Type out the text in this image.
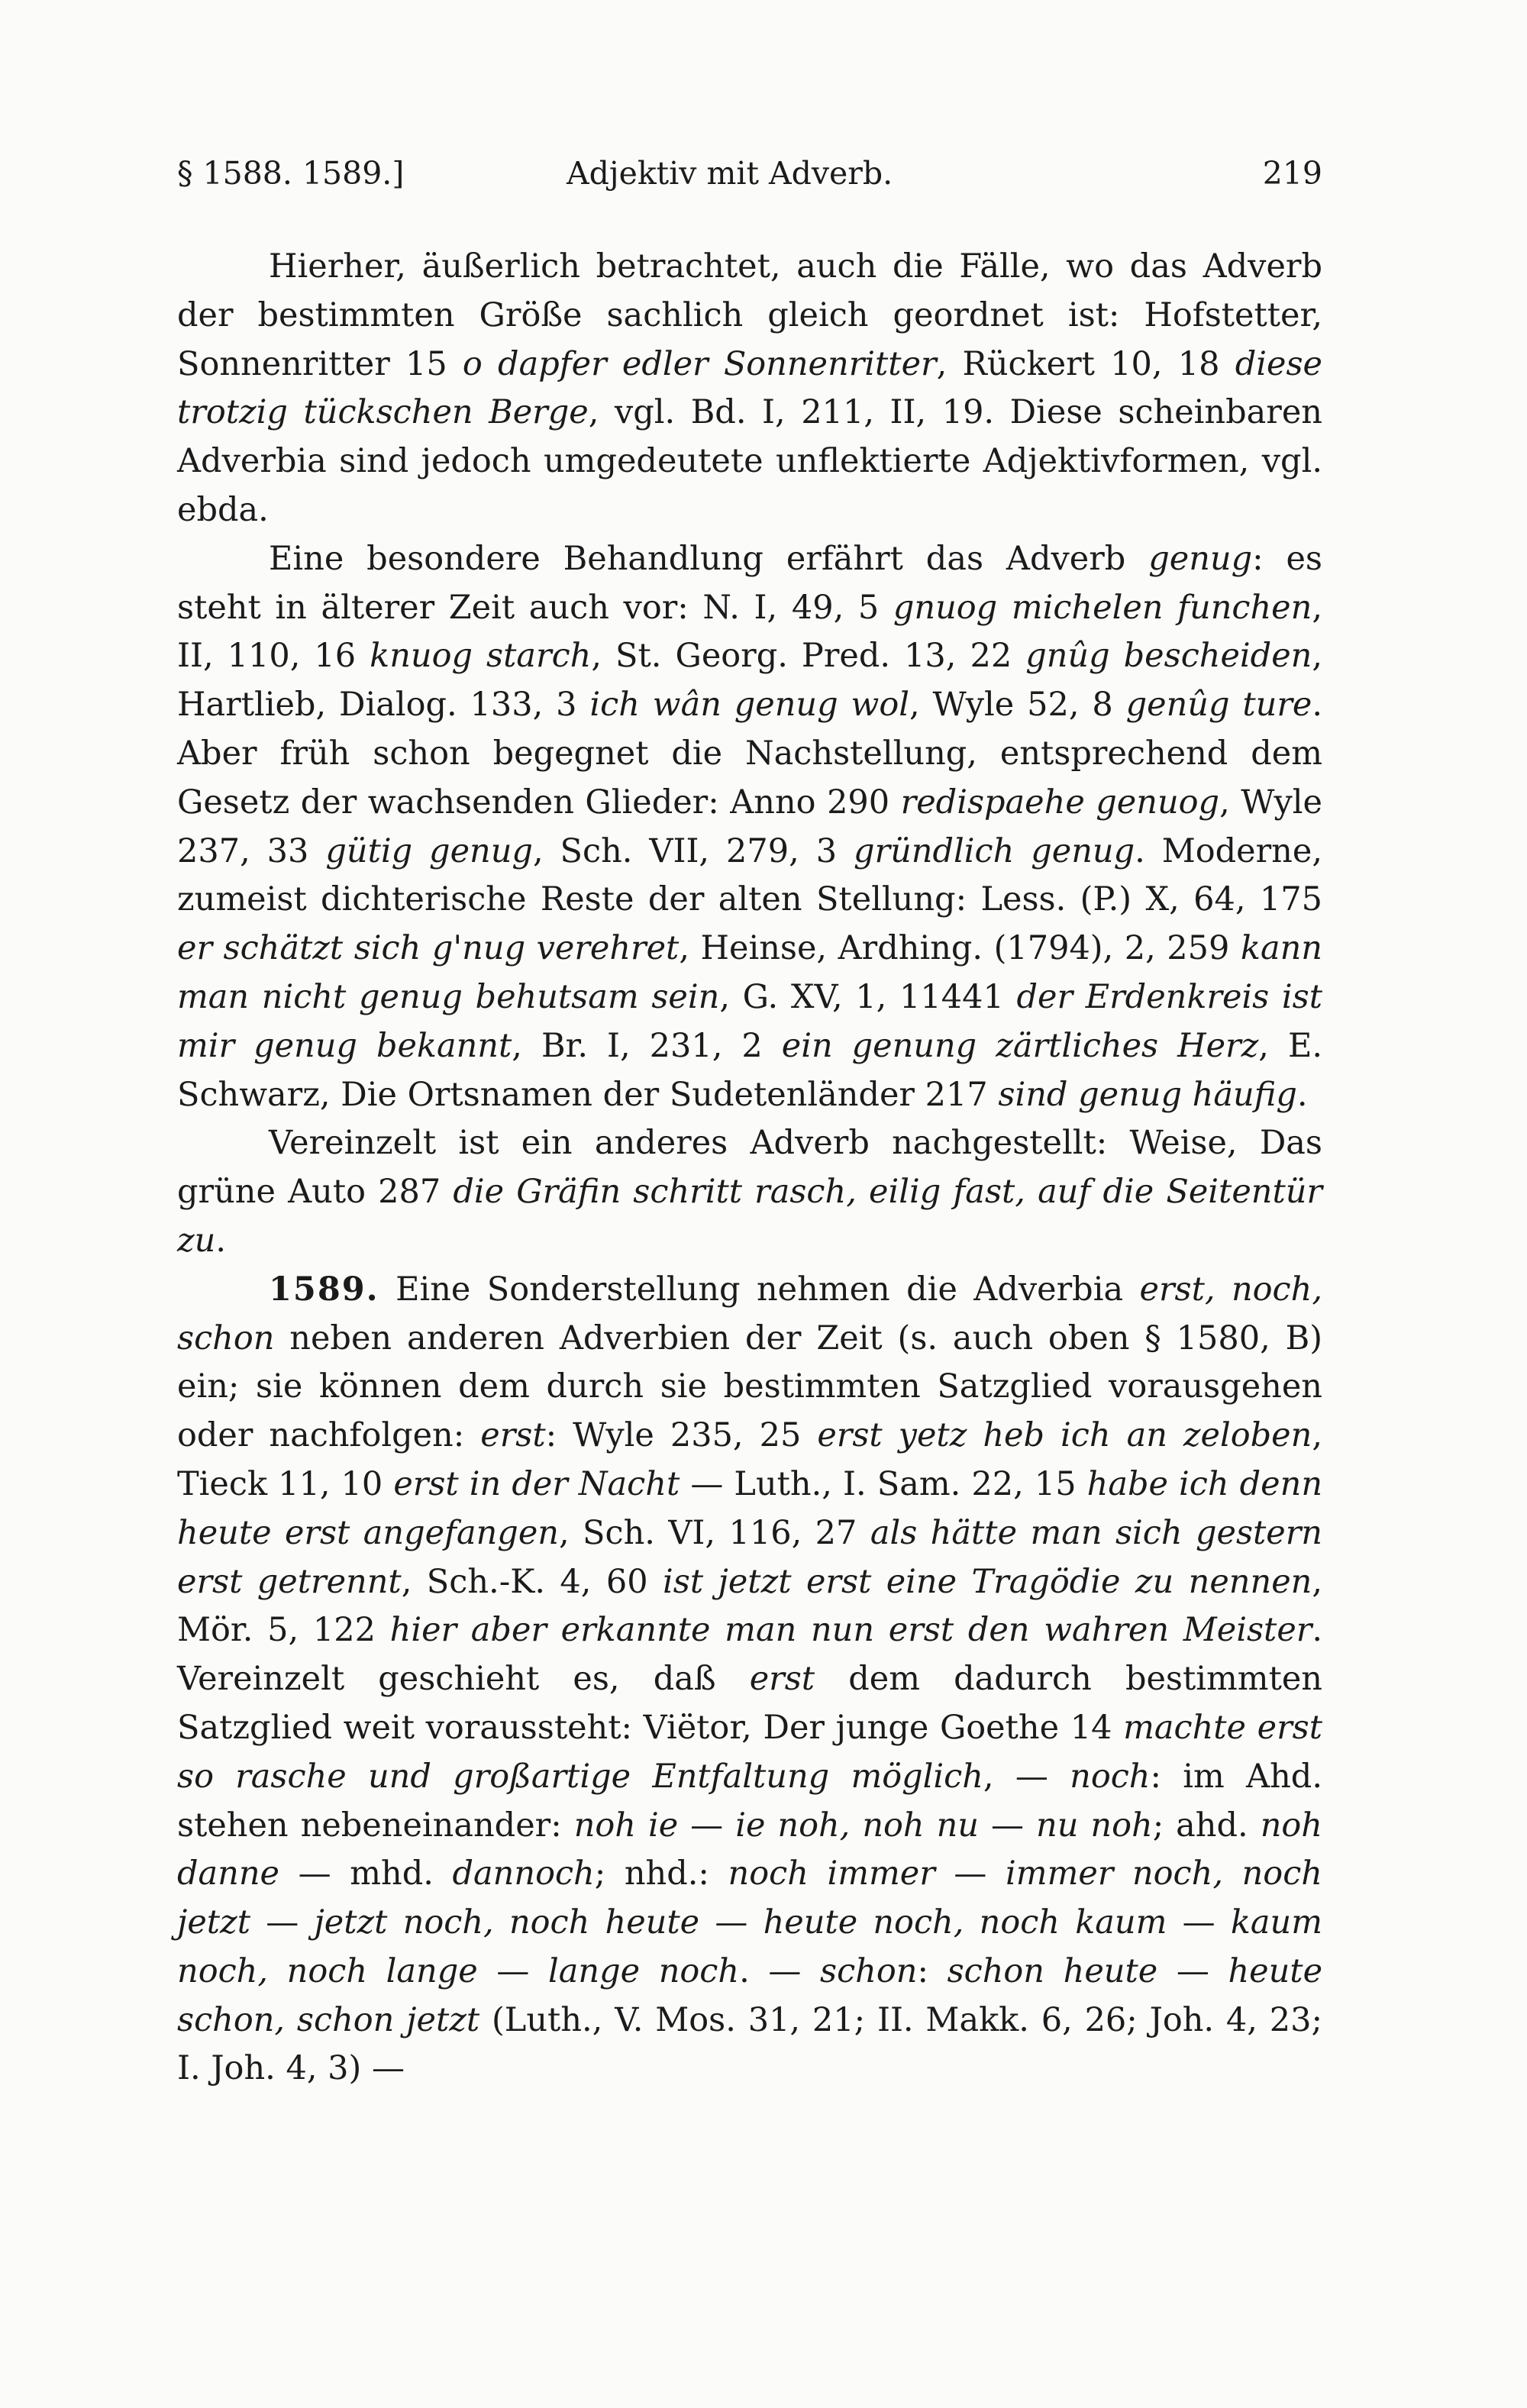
§ 1588. 1589.]	Adjektiv mit Adverb.	219

Hierher, äußerlich betrachtet, auch die Fälle, wo das Adverb der bestimmten Größe sachlich gleich geordnet ist: Hofstetter, Sonnenritter 15 o dapfer edler Sonnenritter, Rückert 10, 18 diese trotzig tückschen Berge, vgl. Bd. I, 211, II, 19. Diese scheinbaren Adverbia sind jedoch umgedeutete unflektierte Adjektivformen, vgl. ebda.

Eine besondere Behandlung erfährt das Adverb genug: es steht in älterer Zeit auch vor: N. I, 49, 5 gnuog michelen funchen, II, 110, 16 knuog starch, St. Georg. Pred. 13, 22 gnûg bescheiden, Hartlieb, Dialog. 133, 3 ich wân genug wol, Wyle 52, 8 genûg ture. Aber früh schon begegnet die Nachstellung, entsprechend dem Gesetz der wachsenden Glieder: Anno 290 redispaehe genuog, Wyle 237, 33 gütig genug, Sch. VII, 279, 3 gründlich genug. Moderne, zumeist dichterische Reste der alten Stellung: Less. (P.) X, 64, 175 er schätzt sich g'nug verehret, Heinse, Ardhing. (1794), 2, 259 kann man nicht genug behutsam sein, G. XV, 1, 11441 der Erdenkreis ist mir genug bekannt, Br. I, 231, 2 ein genung zärtliches Herz, E. Schwarz, Die Ortsnamen der Sudetenländer 217 sind genug häufig.

Vereinzelt ist ein anderes Adverb nachgestellt: Weise, Das grüne Auto 287 die Gräfin schritt rasch, eilig fast, auf die Seitentür zu.

1589. Eine Sonderstellung nehmen die Adverbia erst, noch, schon neben anderen Adverbien der Zeit (s. auch oben § 1580, B) ein; sie können dem durch sie bestimmten Satzglied vorausgehen oder nachfolgen: erst: Wyle 235, 25 erst yetz heb ich an zeloben, Tieck 11, 10 erst in der Nacht — Luth., I. Sam. 22, 15 habe ich denn heute erst angefangen, Sch. VI, 116, 27 als hätte man sich gestern erst getrennt, Sch.-K. 4, 60 ist jetzt erst eine Tragödie zu nennen, Mör. 5, 122 hier aber erkannte man nun erst den wahren Meister. Vereinzelt geschieht es, daß erst dem dadurch bestimmten Satzglied weit voraussteht: Viëtor, Der junge Goethe 14 machte erst so rasche und großartige Entfaltung möglich, — noch: im Ahd. stehen nebeneinander: noh ie — ie noh, noh nu — nu noh; ahd. noh danne — mhd. dannoch; nhd.: noch immer — immer noch, noch jetzt — jetzt noch, noch heute — heute noch, noch kaum — kaum noch, noch lange — lange noch. — schon: schon heute — heute schon, schon jetzt (Luth., V. Mos. 31, 21; II. Makk. 6, 26; Joh. 4, 23; I. Joh. 4, 3) —
